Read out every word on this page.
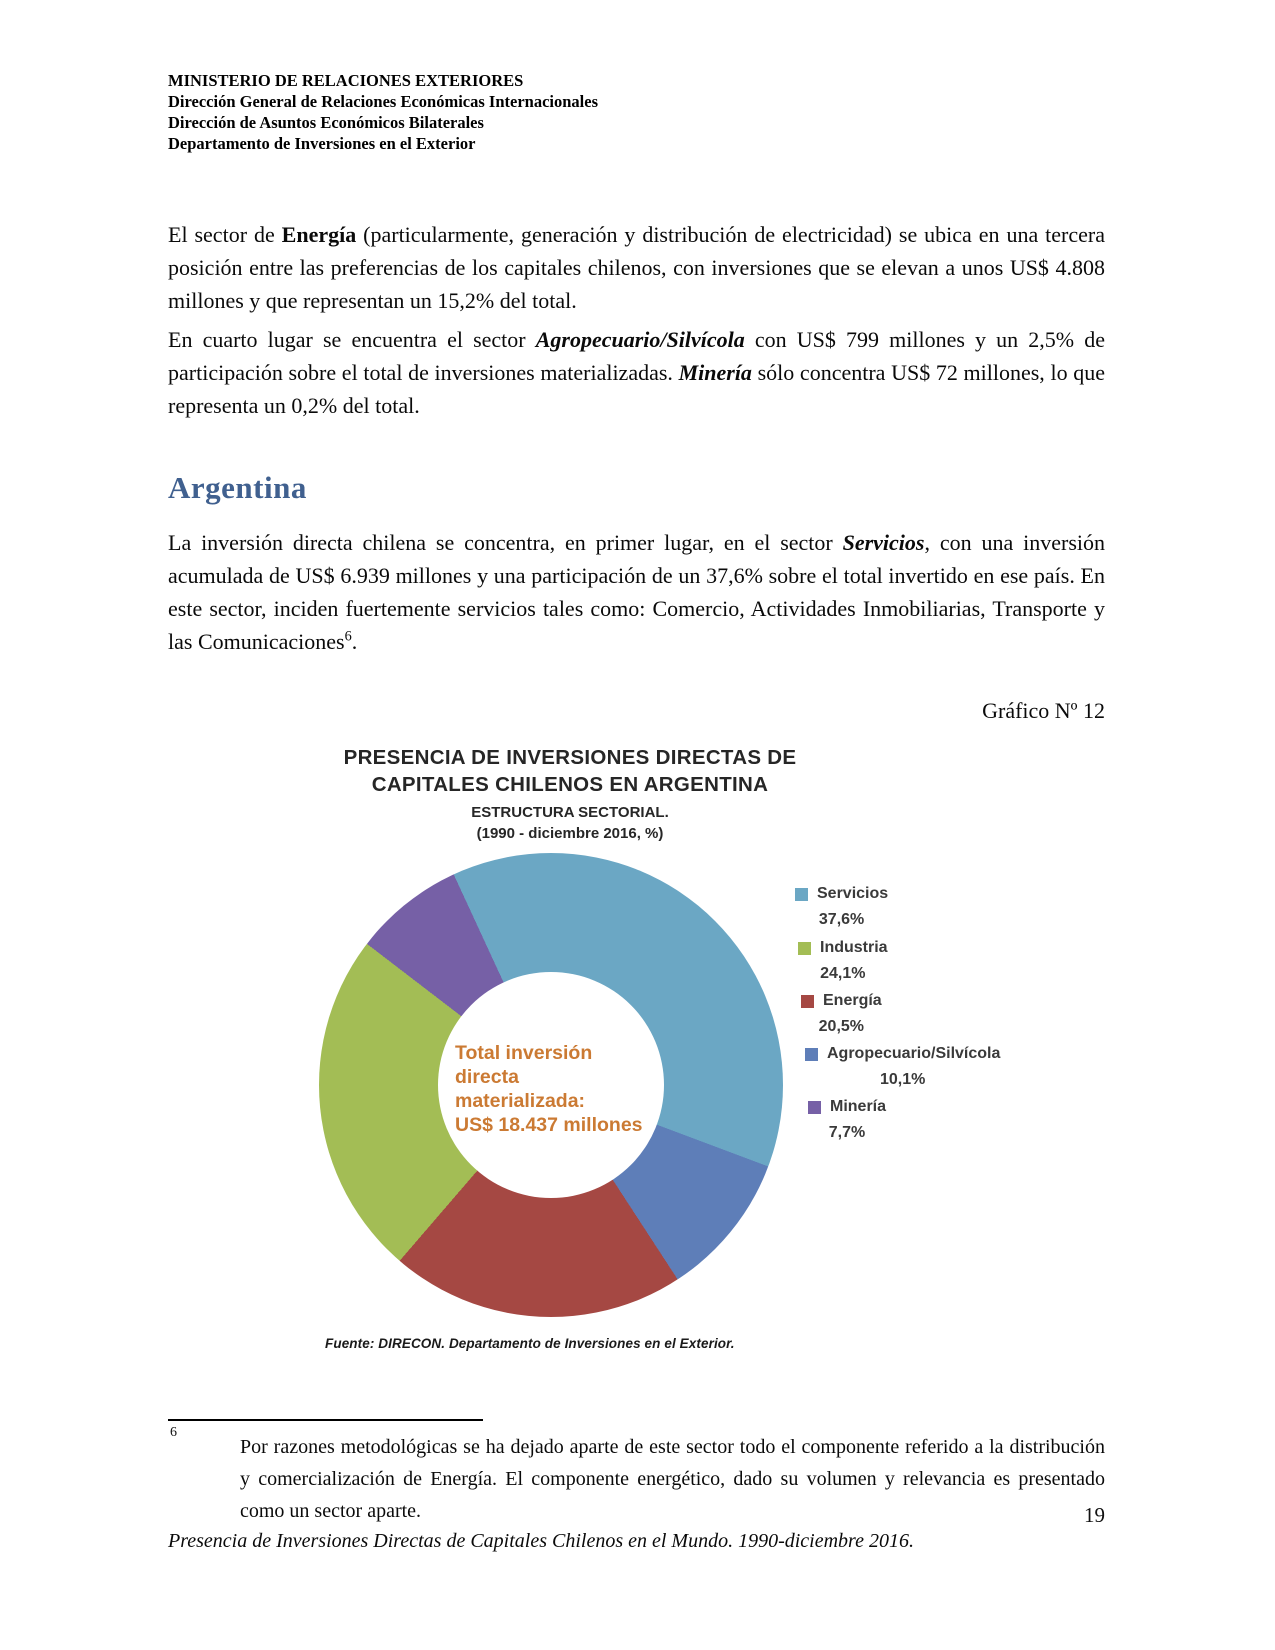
MINISTERIO DE RELACIONES EXTERIORES
Dirección General de Relaciones Económicas Internacionales
Dirección de Asuntos Económicos Bilaterales
Departamento de Inversiones en el Exterior

El sector de Energía (particularmente, generación y distribución de electricidad) se ubica en una tercera posición entre las preferencias de los capitales chilenos, con inversiones que se elevan a unos US$ 4.808 millones y que representan un 15,2% del total.

En cuarto lugar se encuentra el sector Agropecuario/Silvícola con US$ 799 millones y un 2,5% de participación sobre el total de inversiones materializadas. Minería sólo concentra US$ 72 millones, lo que representa un 0,2% del total.

Argentina

La inversión directa chilena se concentra, en primer lugar, en el sector Servicios, con una inversión acumulada de US$ 6.939 millones y una participación de un 37,6% sobre el total invertido en ese país. En este sector, inciden fuertemente servicios tales como: Comercio, Actividades Inmobiliarias, Transporte y las Comunicaciones$^6$.

Gráfico Nº 12
PRESENCIA DE INVERSIONES DIRECTAS DE
CAPITALES CHILENOS EN ARGENTINA
ESTRUCTURA SECTORIAL.
(1990 - diciembre 2016, %)
Total inversión directa
materializada:
US$ 18.437 millones
Servicios
37,6%
Industria
24,1%
Energía
20,5%
Agropecuario/Silvícola
10,1%
Minería
7,7%
Fuente: DIRECON. Departamento de Inversiones en el Exterior.
6

Por razones metodológicas se ha dejado aparte de este sector todo el componente referido a la distribución y comercialización de Energía. El componente energético, dado su volumen y relevancia es presentado como un sector aparte.	19
Presencia de Inversiones Directas de Capitales Chilenos en el Mundo. 1990-diciembre 2016.
